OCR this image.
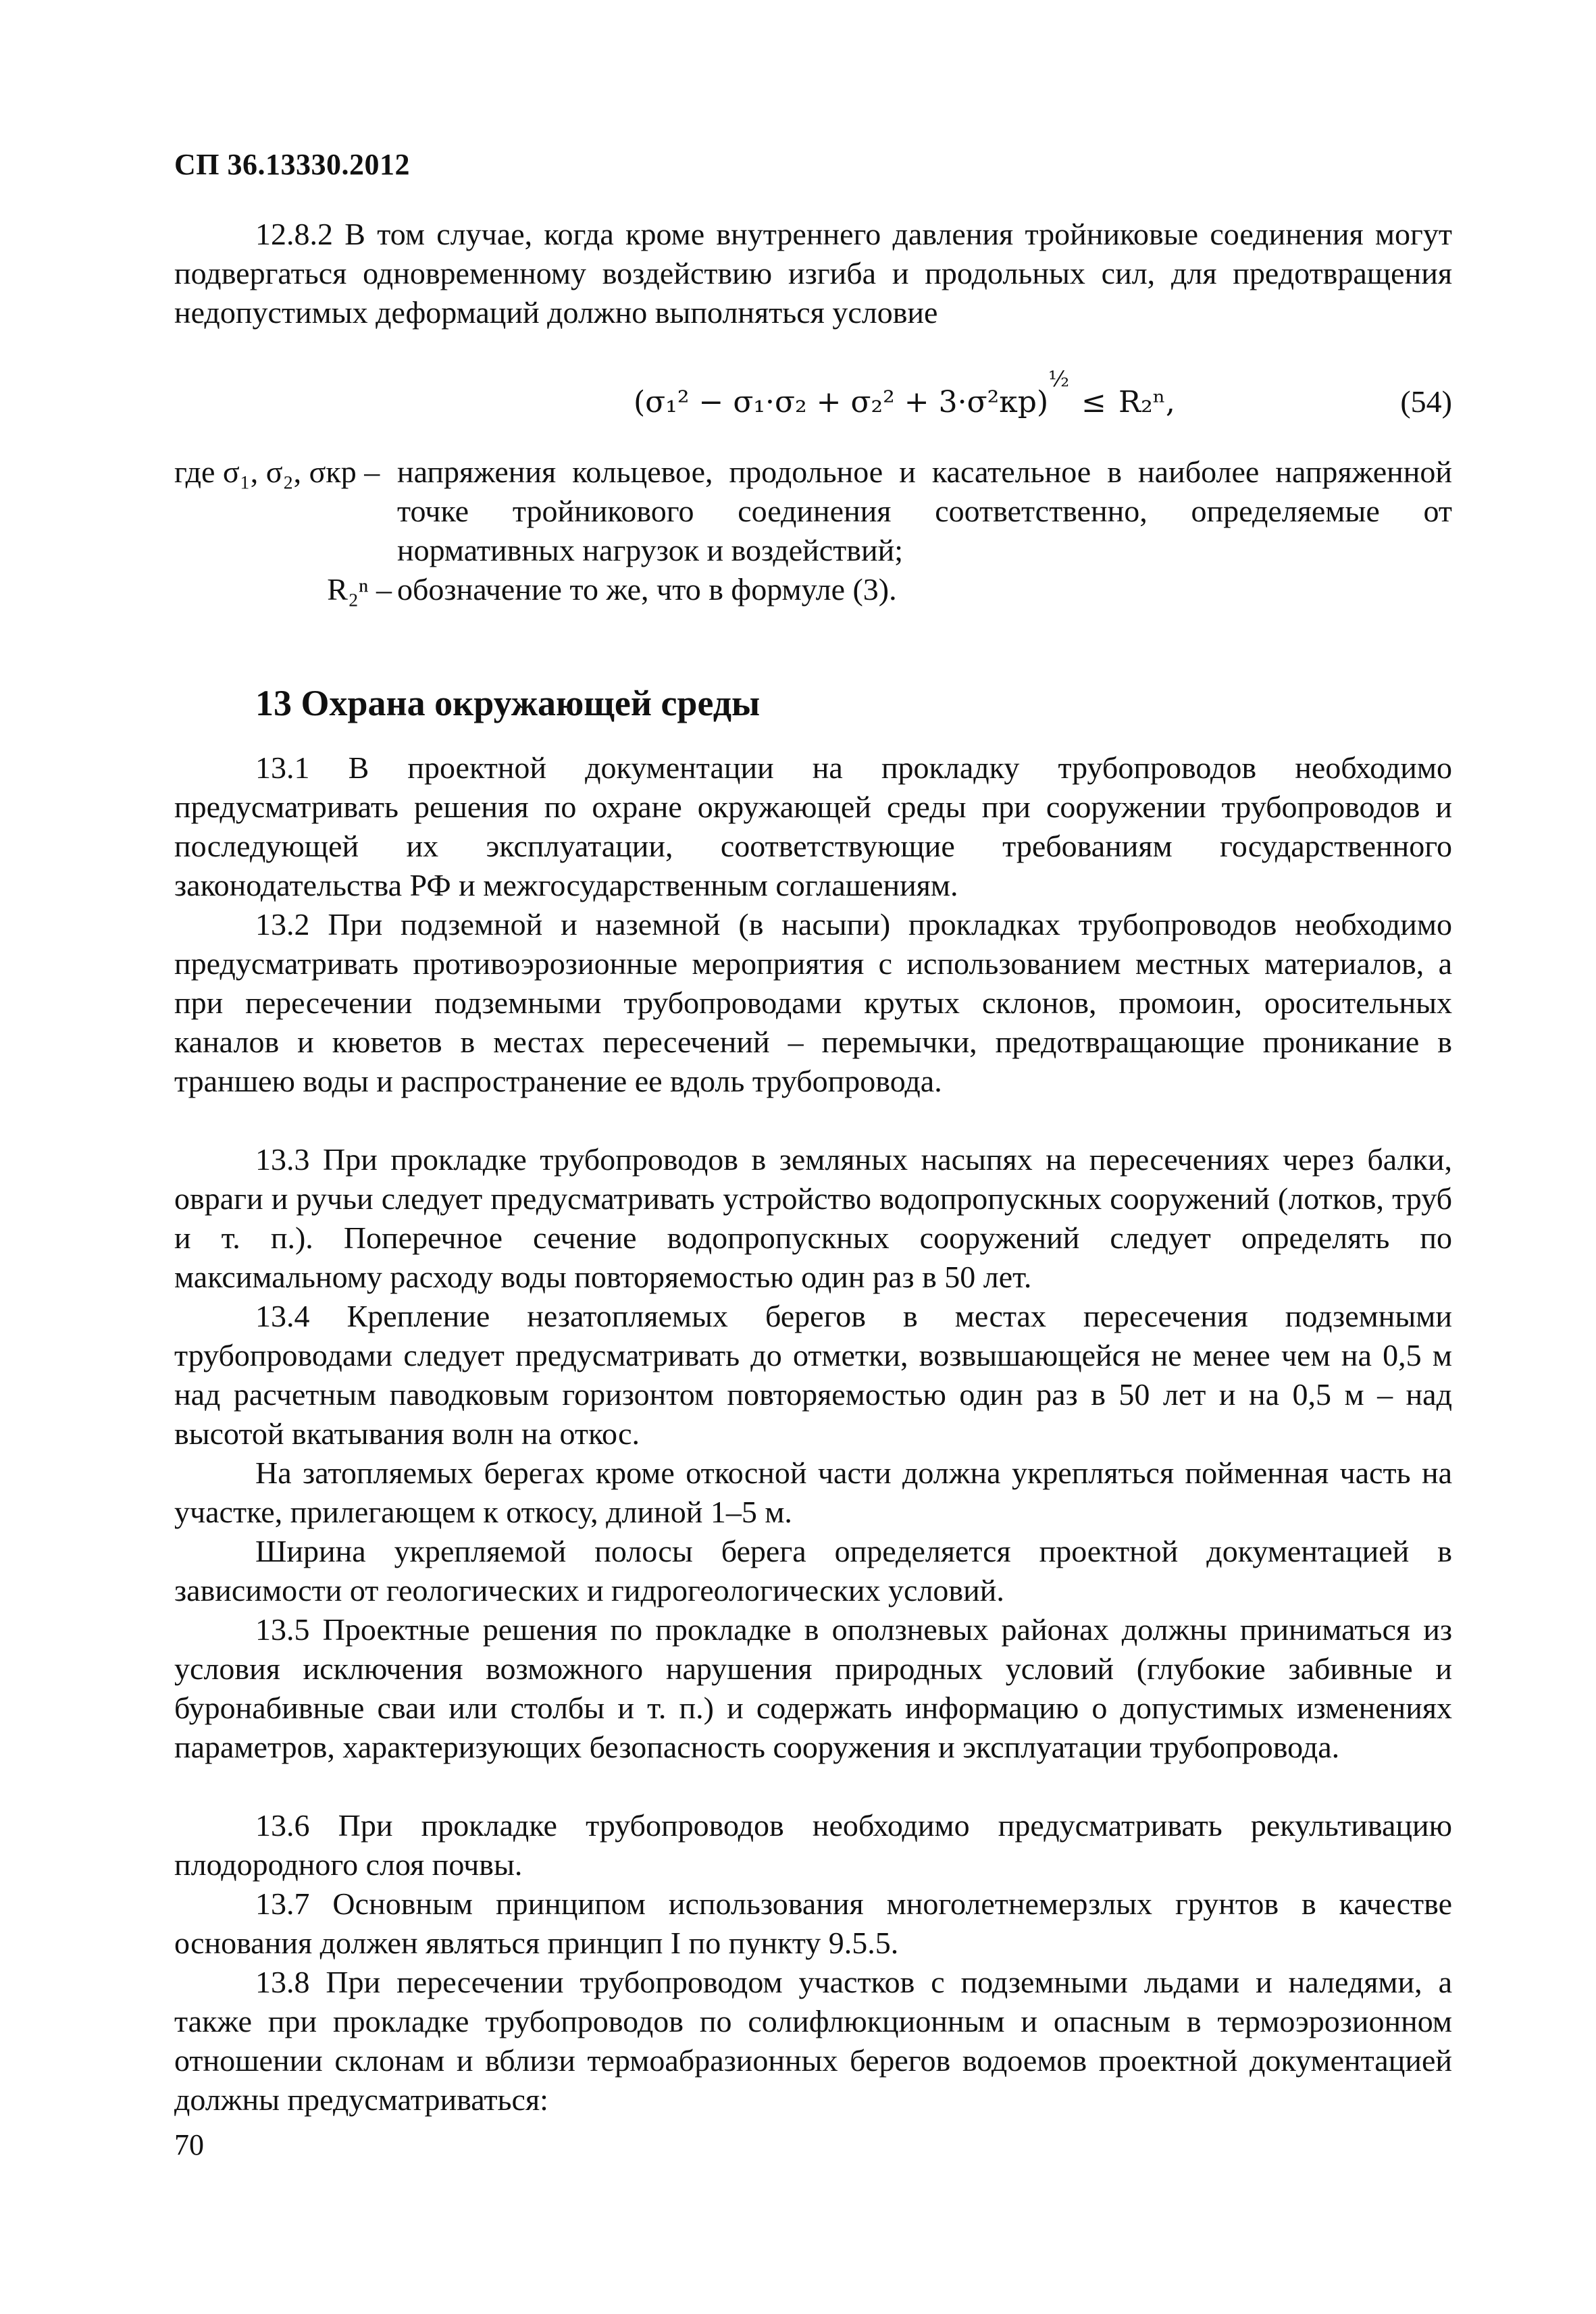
СП 36.13330.2012
12.8.2 В том случае, когда кроме внутреннего давления тройниковые соединения могут подвергаться одновременному воздействию изгиба и продольных сил, для предотвращения недопустимых деформаций должно выполняться условие
(σ₁² − σ₁·σ₂ + σ₂² + 3·σ²кр)
½
≤ R₂ⁿ,	(54)
где σ₁, σ₂, σкр – напряжения кольцевое, продольное и касательное в наиболее напряженной точке тройникового соединения соответственно, определяемые от нормативных нагрузок и воздействий;
R₂ⁿ – обозначение то же, что в формуле (3).
13 Охрана окружающей среды
13.1 В проектной документации на прокладку трубопроводов необходимо предусматривать решения по охране окружающей среды при сооружении трубопроводов и последующей их эксплуатации, соответствующие требованиям государственного законодательства РФ и межгосударственным соглашениям.
13.2 При подземной и наземной (в насыпи) прокладках трубопроводов необходимо предусматривать противоэрозионные мероприятия с использованием местных материалов, а при пересечении подземными трубопроводами крутых склонов, промоин, оросительных каналов и кюветов в местах пересечений – перемычки, предотвращающие проникание в траншею воды и распространение ее вдоль трубопровода.
13.3 При прокладке трубопроводов в земляных насыпях на пересечениях через балки, овраги и ручьи следует предусматривать устройство водопропускных сооружений (лотков, труб и т. п.). Поперечное сечение водопропускных сооружений следует определять по максимальному расходу воды повторяемостью один раз в 50 лет.
13.4 Крепление незатопляемых берегов в местах пересечения подземными трубопроводами следует предусматривать до отметки, возвышающейся не менее чем на 0,5 м над расчетным паводковым горизонтом повторяемостью один раз в 50 лет и на 0,5 м – над высотой вкатывания волн на откос.
На затопляемых берегах кроме откосной части должна укрепляться пойменная часть на участке, прилегающем к откосу, длиной 1–5 м.
Ширина укрепляемой полосы берега определяется проектной документацией в зависимости от геологических и гидрогеологических условий.
13.5 Проектные решения по прокладке в оползневых районах должны приниматься из условия исключения возможного нарушения природных условий (глубокие забивные и буронабивные сваи или столбы и т. п.) и содержать информацию о допустимых изменениях параметров, характеризующих безопасность сооружения и эксплуатации трубопровода.
13.6 При прокладке трубопроводов необходимо предусматривать рекультивацию плодородного слоя почвы.
13.7 Основным принципом использования многолетнемерзлых грунтов в качестве основания должен являться принцип I по пункту 9.5.5.
13.8 При пересечении трубопроводом участков с подземными льдами и наледями, а также при прокладке трубопроводов по солифлюкционным и опасным в термоэрозионном отношении склонам и вблизи термоабразионных берегов водоемов проектной документацией должны предусматриваться:
70
